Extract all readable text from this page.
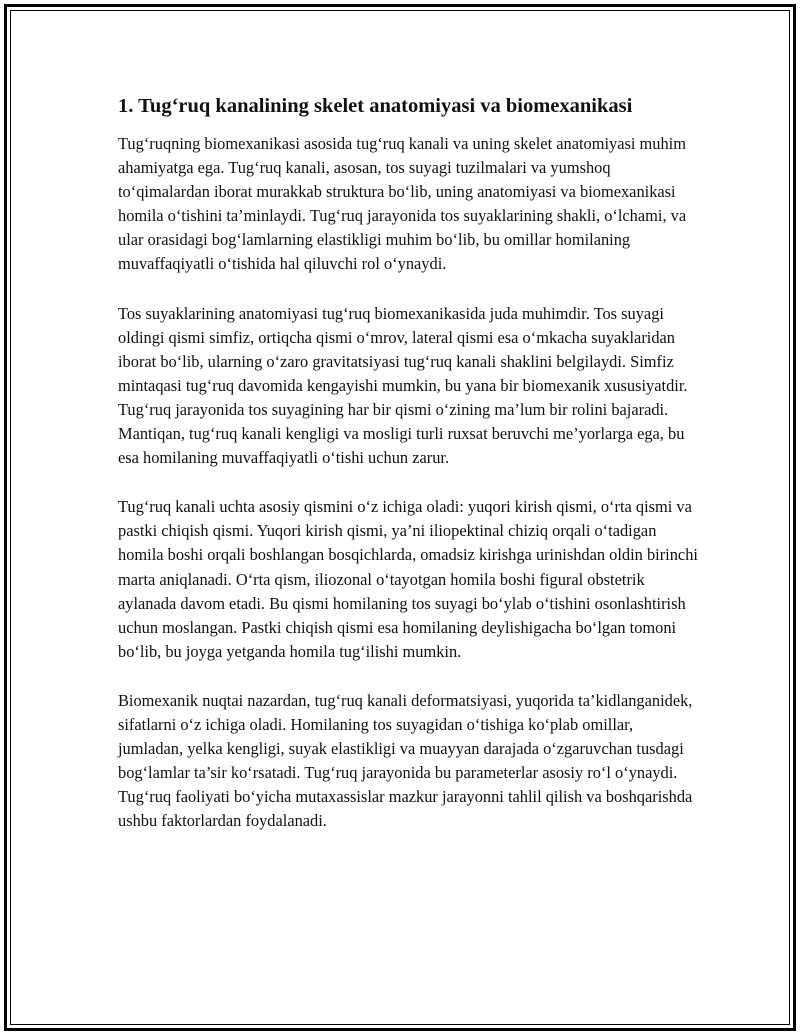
1. Tug‘ruq kanalining skelet anatomiyasi va biomexanikasi

Tug‘ruqning biomexanikasi asosida tug‘ruq kanali va uning skelet anatomiyasi muhim ahamiyatga ega. Tug‘ruq kanali, asosan, tos suyagi tuzilmalari va yumshoq to‘qimalardan iborat murakkab struktura bo‘lib, uning anatomiyasi va biomexanikasi homila o‘tishini ta’minlaydi. Tug‘ruq jarayonida tos suyaklarining shakli, o‘lchami, va ular orasidagi bog‘lamlarning elastikligi muhim bo‘lib, bu omillar homilaning muvaffaqiyatli o‘tishida hal qiluvchi rol o‘ynaydi.

Tos suyaklarining anatomiyasi tug‘ruq biomexanikasida juda muhimdir. Tos suyagi oldingi qismi simfiz, ortiqcha qismi o‘mrov, lateral qismi esa o‘mkacha suyaklaridan iborat bo‘lib, ularning o‘zaro gravitatsiyasi tug‘ruq kanali shaklini belgilaydi. Simfiz mintaqasi tug‘ruq davomida kengayishi mumkin, bu yana bir biomexanik xususiyatdir. Tug‘ruq jarayonida tos suyagining har bir qismi o‘zining ma’lum bir rolini bajaradi. Mantiqan, tug‘ruq kanali kengligi va mosligi turli ruxsat beruvchi me’yorlarga ega, bu esa homilaning muvaffaqiyatli o‘tishi uchun zarur.

Tug‘ruq kanali uchta asosiy qismini o‘z ichiga oladi: yuqori kirish qismi, o‘rta qismi va pastki chiqish qismi. Yuqori kirish qismi, ya’ni iliopektinal chiziq orqali o‘tadigan homila boshi orqali boshlangan bosqichlarda, omadsiz kirishga urinishdan oldin birinchi marta aniqlanadi. O‘rta qism, iliozonal o‘tayotgan homila boshi figural obstetrik aylanada davom etadi. Bu qismi homilaning tos suyagi bo‘ylab o‘tishini osonlashtirish uchun moslangan. Pastki chiqish qismi esa homilaning deylishigacha bo‘lgan tomoni bo‘lib, bu joyga yetganda homila tug‘ilishi mumkin.

Biomexanik nuqtai nazardan, tug‘ruq kanali deformatsiyasi, yuqorida ta’kidlanganidek, sifatlarni o‘z ichiga oladi. Homilaning tos suyagidan o‘tishiga ko‘plab omillar, jumladan, yelka kengligi, suyak elastikligi va muayyan darajada o‘zgaruvchan tusdagi bog‘lamlar ta’sir ko‘rsatadi. Tug‘ruq jarayonida bu parameterlar asosiy ro‘l o‘ynaydi. Tug‘ruq faoliyati bo‘yicha mutaxassislar mazkur jarayonni tahlil qilish va boshqarishda ushbu faktorlardan foydalanadi.
